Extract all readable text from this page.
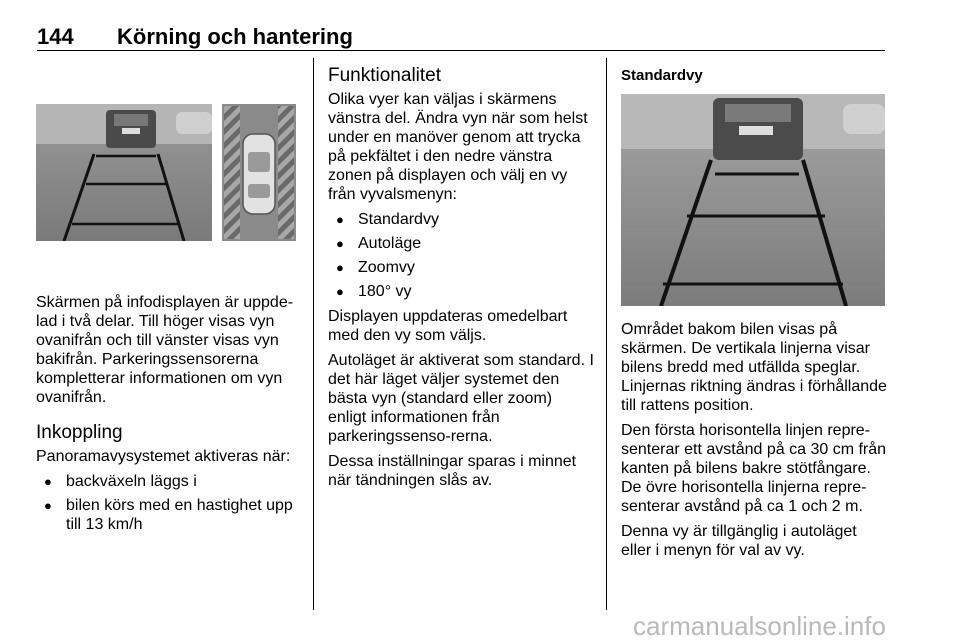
144 Körning och hantering

Skärmen på infodisplayen är uppde-lad i två delar. Till höger visas vyn ovanifrån och till vänster visas vyn bakifrån. Parkeringssensorerna kompletterar informationen om vyn ovanifrån.

Inkoppling

Panoramavysystemet aktiveras när:

● backväxeln läggs i
● bilen körs med en hastighet upp till 13 km/h
Funktionalitet

Olika vyer kan väljas i skärmens vänstra del. Ändra vyn när som helst under en manöver genom att trycka på pekfältet i den nedre vänstra zonen på displayen och välj en vy från vyvalsmenyn:

● Standardvy
● Autoläge
● Zoomvy
● 180° vy

Displayen uppdateras omedelbart med den vy som väljs.

Autoläget är aktiverat som standard. I det här läget väljer systemet den bästa vyn (standard eller zoom) enligt informationen från parkeringssenso-rerna.

Dessa inställningar sparas i minnet när tändningen slås av.

Standardvy

Området bakom bilen visas på skärmen. De vertikala linjerna visar bilens bredd med utfällda speglar. Linjernas riktning ändras i förhållande till rattens position.

Den första horisontella linjen repre-senterar ett avstånd på ca 30 cm från kanten på bilens bakre stötfångare. De övre horisontella linjerna repre-senterar avstånd på ca 1 och 2 m.

Denna vy är tillgänglig i autoläget eller i menyn för val av vy.

carmanualsonline.info
